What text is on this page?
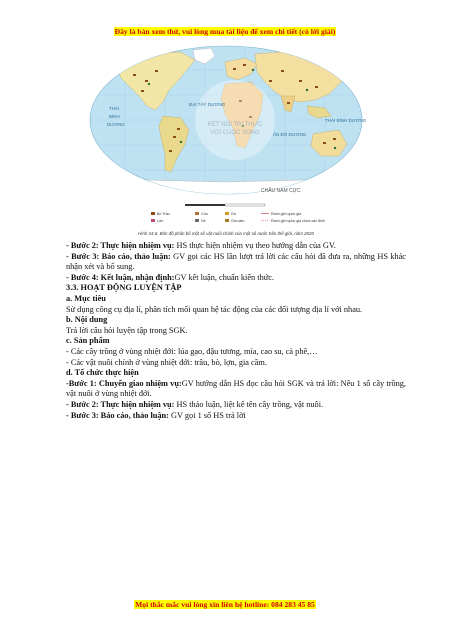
Đây là bản xem thử, vui lòng mua tài liệu để xem chi tiết (có lời giải)
KẾT NỐI TRI THỨC
VỚI CUỘC SỐNG
THÁI
BÌNH
DƯƠNG
ĐẠI TÂY DƯƠNG
ẤN ĐỘ DƯƠNG
THÁI BÌNH DƯƠNG
CHÂU NAM CỰC
Bò Trâu	Cừu
Lợn	Dê
Gà
Gia cầm
Ranh giới quốc gia
Ranh giới quốc gia chưa xác định
Hình 24.6. Bản đồ phân bố một số vật nuôi chính của một số nước trên thế giới, năm 2020

- Bước 2: Thực hiện nhiệm vụ: HS thực hiện nhiệm vụ theo hướng dẫn của GV.

- Bước 3: Báo cáo, thảo luận: GV gọi các HS lần lượt trả lời các câu hỏi đã đưa ra, những HS khác nhận xét và bổ sung.

- Bước 4: Kết luận, nhận định:GV kết luận, chuẩn kiến thức.

3.3. HOẠT ĐỘNG LUYỆN TẬP

a. Mục tiêu

Sử dụng công cụ địa lí, phân tích mối quan hệ tác động của các đối tượng địa lí với nhau.

b. Nội dung

Trả lời câu hỏi luyện tập trong SGK.

c. Sản phẩm

- Các cây trồng ở vùng nhiệt đới: lúa gạo, đậu tương, mía, cao su, cà phê,…

- Các vật nuôi chính ở vùng nhiệt đới: trâu, bò, lợn, gia cầm.

d. Tổ chức thực hiện

-Bước 1: Chuyển giao nhiệm vụ:GV hướng dẫn HS đọc câu hỏi SGK và trả lời: Nêu 1 số cây trồng, vật nuôi ở vùng nhiệt đới.

- Bước 2: Thực hiện nhiệm vụ: HS thảo luận, liệt kê tên cây trồng, vật nuôi.

- Bước 3: Báo cáo, thảo luận: GV gọi 1 số HS trả lời

Mọi thắc mắc vui lòng xin liên hệ hotline: 084 283 45 85
